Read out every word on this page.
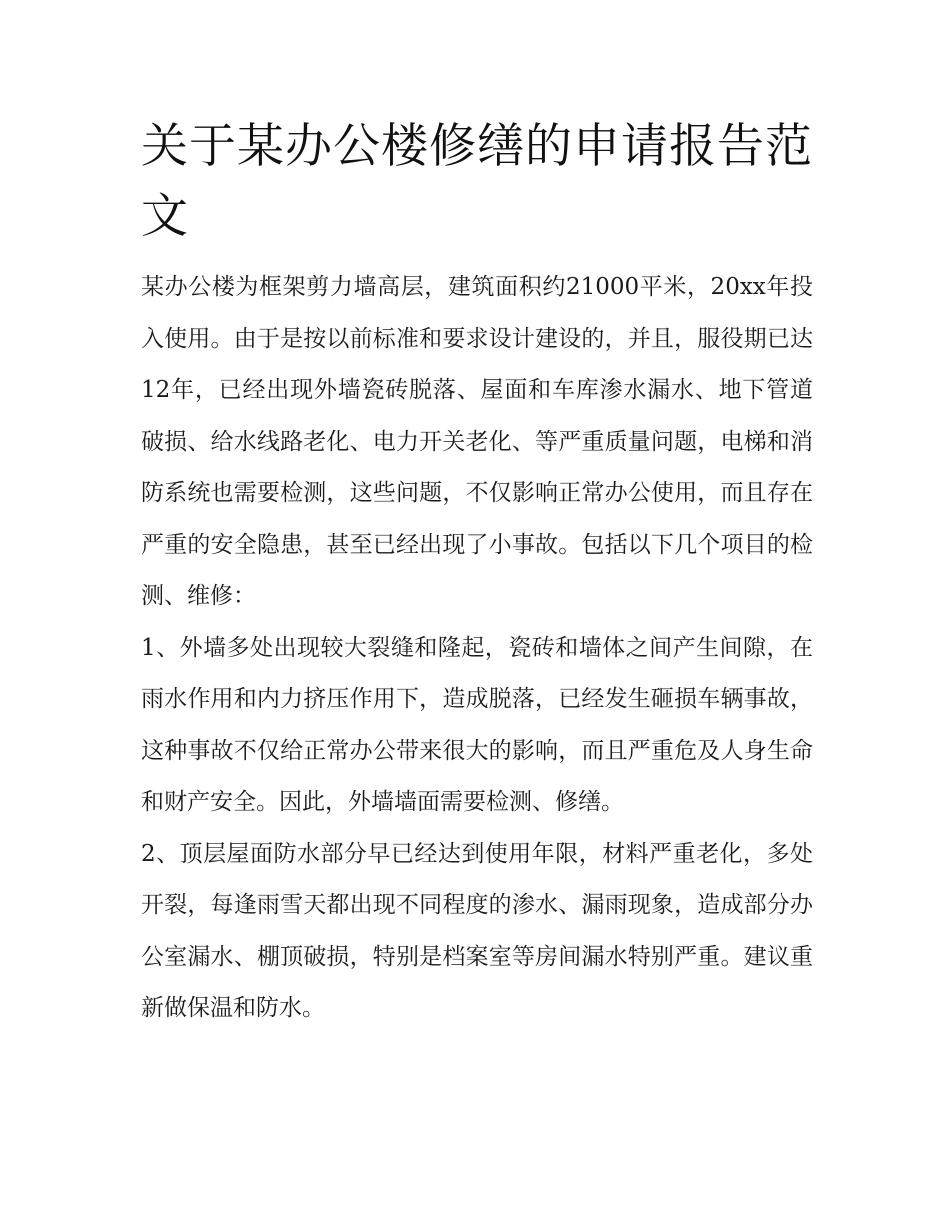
关于某办公楼修缮的申请报告范文

某办公楼为框架剪力墙高层，建筑面积约21000平米，20xx年投入使用。由于是按以前标准和要求设计建设的，并且，服役期已达12年，已经出现外墙瓷砖脱落、屋面和车库渗水漏水、地下管道破损、给水线路老化、电力开关老化、等严重质量问题，电梯和消防系统也需要检测，这些问题，不仅影响正常办公使用，而且存在严重的安全隐患，甚至已经出现了小事故。包括以下几个项目的检测、维修：

1、外墙多处出现较大裂缝和隆起，瓷砖和墙体之间产生间隙，在雨水作用和内力挤压作用下，造成脱落，已经发生砸损车辆事故，这种事故不仅给正常办公带来很大的影响，而且严重危及人身生命和财产安全。因此，外墙墙面需要检测、修缮。

2、顶层屋面防水部分早已经达到使用年限，材料严重老化，多处开裂，每逢雨雪天都出现不同程度的渗水、漏雨现象，造成部分办公室漏水、棚顶破损，特别是档案室等房间漏水特别严重。建议重新做保温和防水。
